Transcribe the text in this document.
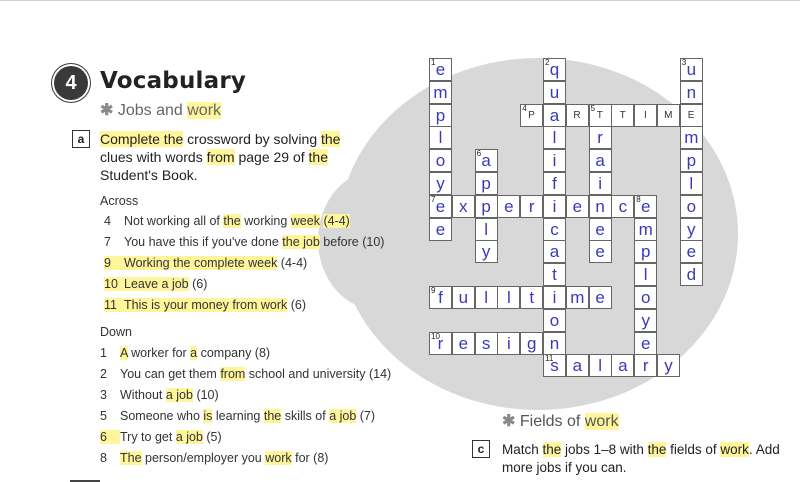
4	Vocabulary
✱ Jobs and work
a	Complete the crossword by solving the clues with words from page 29 of the Student's Book.
Across
4 Not working all of the working week (4-4)
7 You have this if you've done the job before (10)
9 Working the complete week (4-4)
10 Leave a job (6)
11 This is your money from work (6)
Down
1 A worker for a company (8)
2 You can get them from school and university (14)
3 Without a job (10)
5 Someone who is learning the skills of a job (7)
6 Try to get a job (5)
8 The person/employer you work for (8)
1 e
m
p
l
o
y
7 e
e
x p e r	i e n c	8 e
6 a
p
l
y
2 q
u
a
l
i
f
c
a
t
i
o
n
4
P	R
5
T	T	I	M	E
r
a
i
e
e
3 u
n
m
p
l
o
y
e
d
m
p
l
o
y
e
r
9 f u l	l	t	m e
10
r e s i g
11
s a l a	y
✱ Fields of work
c	Match the jobs 1–8 with the fields of work. Add more jobs if you can.
